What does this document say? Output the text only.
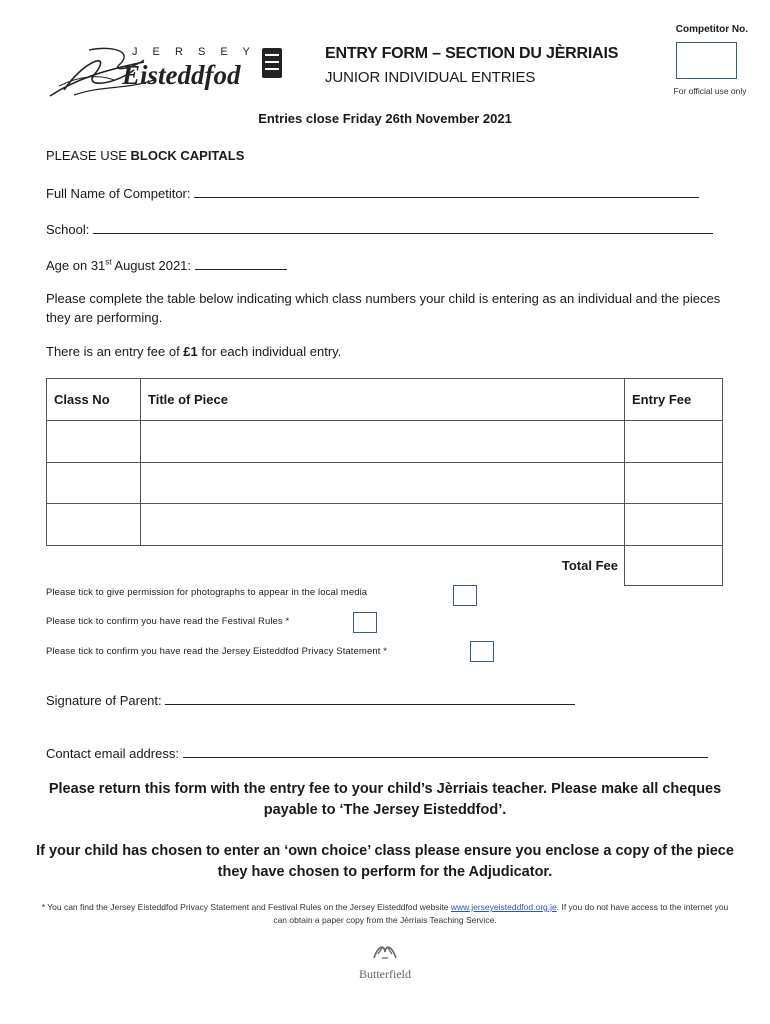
J E R S E Y
Eisteddfod
ENTRY FORM – SECTION DU JÈRRIAIS
JUNIOR INDIVIDUAL ENTRIES
Competitor No.
For official use only
Entries close Friday 26th November 2021
PLEASE USE BLOCK CAPITALS
Full Name of Competitor:
School:
Age on 31st August 2021:
Please complete the table below indicating which class numbers your child is entering as an individual and the pieces they are performing.
There is an entry fee of £1 for each individual entry.
Class No	Title of Piece	Entry Fee

	Total Fee	
Please tick to give permission for photographs to appear in the local media
Please tick to confirm you have read the Festival Rules *
Please tick to confirm you have read the Jersey Eisteddfod Privacy Statement *
Signature of Parent:
Contact email address:
Please return this form with the entry fee to your child’s Jèrriais teacher. Please make all cheques payable to ‘The Jersey Eisteddfod’.
If your child has chosen to enter an ‘own choice’ class please ensure you enclose a copy of the piece they have chosen to perform for the Adjudicator.
* You can find the Jersey Eisteddfod Privacy Statement and Festival Rules on the Jersey Eisteddfod website www.jerseyeisteddfod.org.je. If you do not have access to the internet you can obtain a paper copy from the Jèrriais Teaching Service.
Butterfield
